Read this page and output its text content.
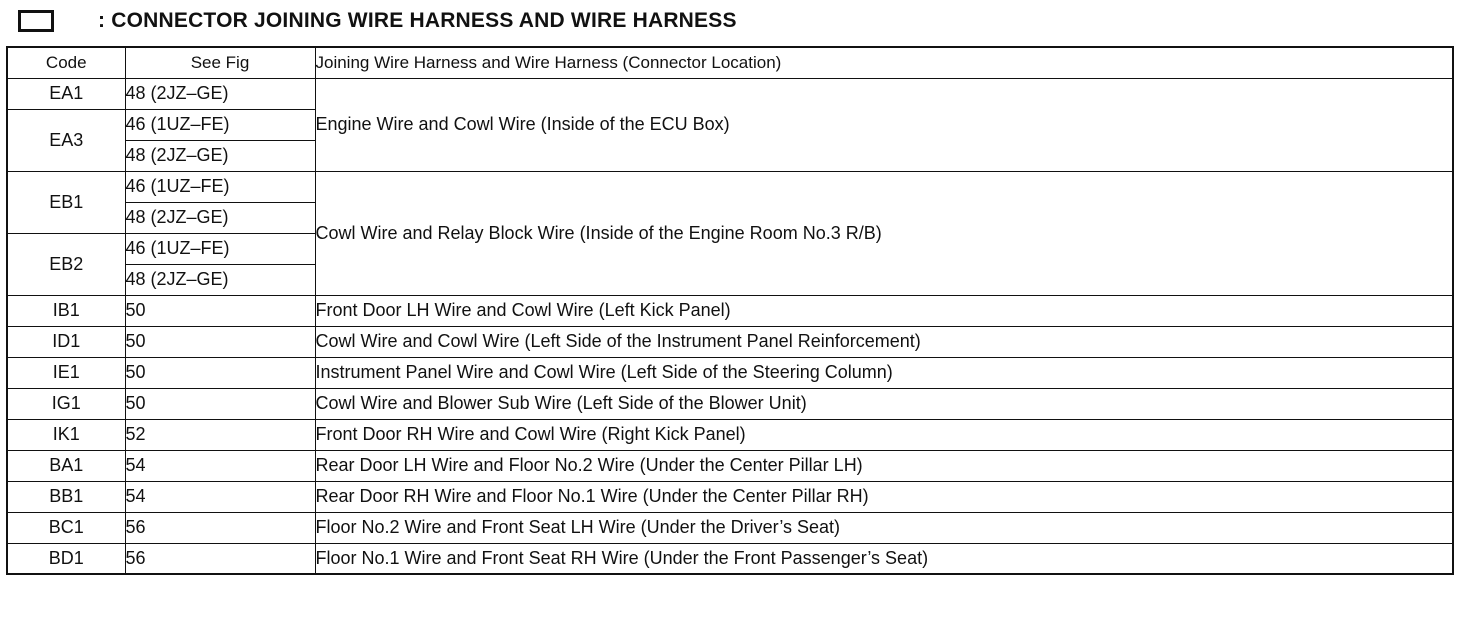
: CONNECTOR JOINING WIRE HARNESS AND WIRE HARNESS
Code	See Fig	Joining Wire Harness and Wire Harness (Connector Location)
EA1	48 (2JZ–GE)	Engine Wire and Cowl Wire (Inside of the ECU Box)
EA3	46 (1UZ–FE)	
	48 (2JZ–GE)	
EB1	46 (1UZ–FE)	Cowl Wire and Relay Block Wire (Inside of the Engine Room No.3 R/B)
	48 (2JZ–GE)	
EB2	46 (1UZ–FE)	
	48 (2JZ–GE)	
IB1	50	Front Door LH Wire and Cowl Wire (Left Kick Panel)
ID1	50	Cowl Wire and Cowl Wire (Left Side of the Instrument Panel Reinforcement)
IE1	50	Instrument Panel Wire and Cowl Wire (Left Side of the Steering Column)
IG1	50	Cowl Wire and Blower Sub Wire (Left Side of the Blower Unit)
IK1	52	Front Door RH Wire and Cowl Wire (Right Kick Panel)
BA1	54	Rear Door LH Wire and Floor No.2 Wire (Under the Center Pillar LH)
BB1	54	Rear Door RH Wire and Floor No.1 Wire (Under the Center Pillar RH)
BC1	56	Floor No.2 Wire and Front Seat LH Wire (Under the Driver’s Seat)
BD1	56	Floor No.1 Wire and Front Seat RH Wire (Under the Front Passenger’s Seat)
